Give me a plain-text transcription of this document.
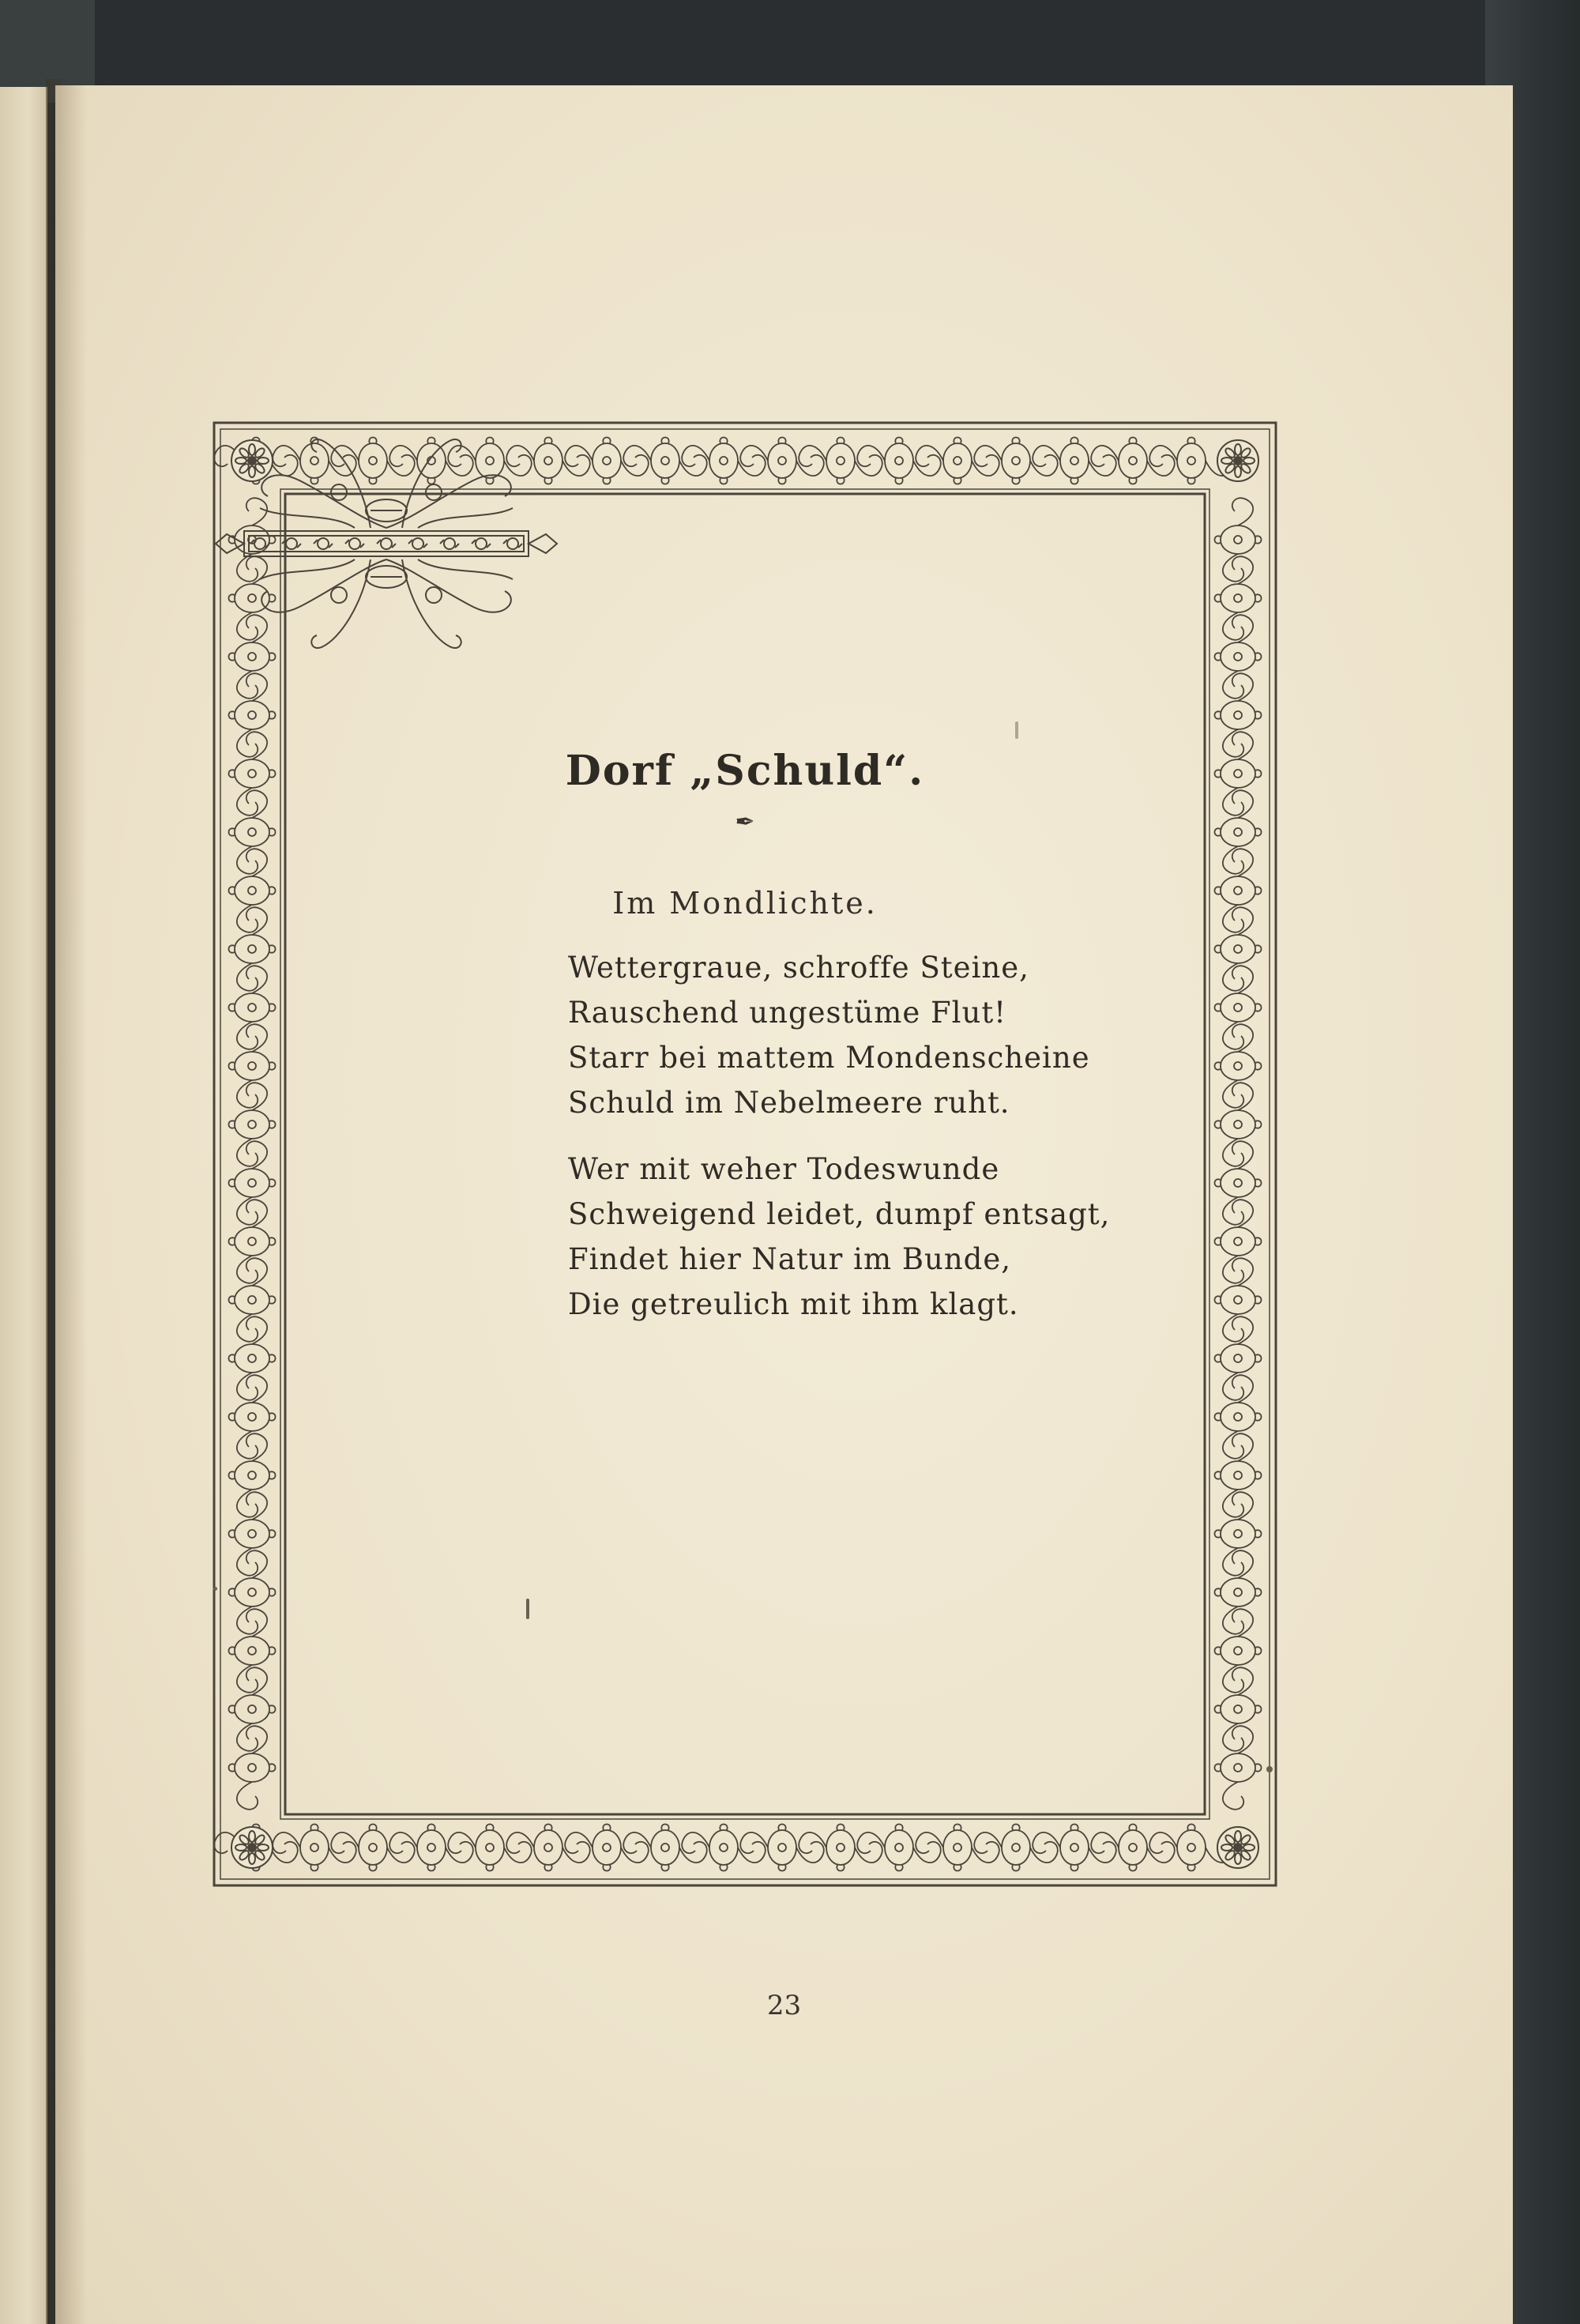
Dorf „Schuld“.
✒
Im Mondlichte.
Wettergraue, schroffe Steine,
Rauschend ungestüme Flut!
Starr bei mattem Mondenscheine
Schuld im Nebelmeere ruht.
Wer mit weher Todeswunde
Schweigend leidet, dumpf entsagt,
Findet hier Natur im Bunde,
Die getreulich mit ihm klagt.
23
